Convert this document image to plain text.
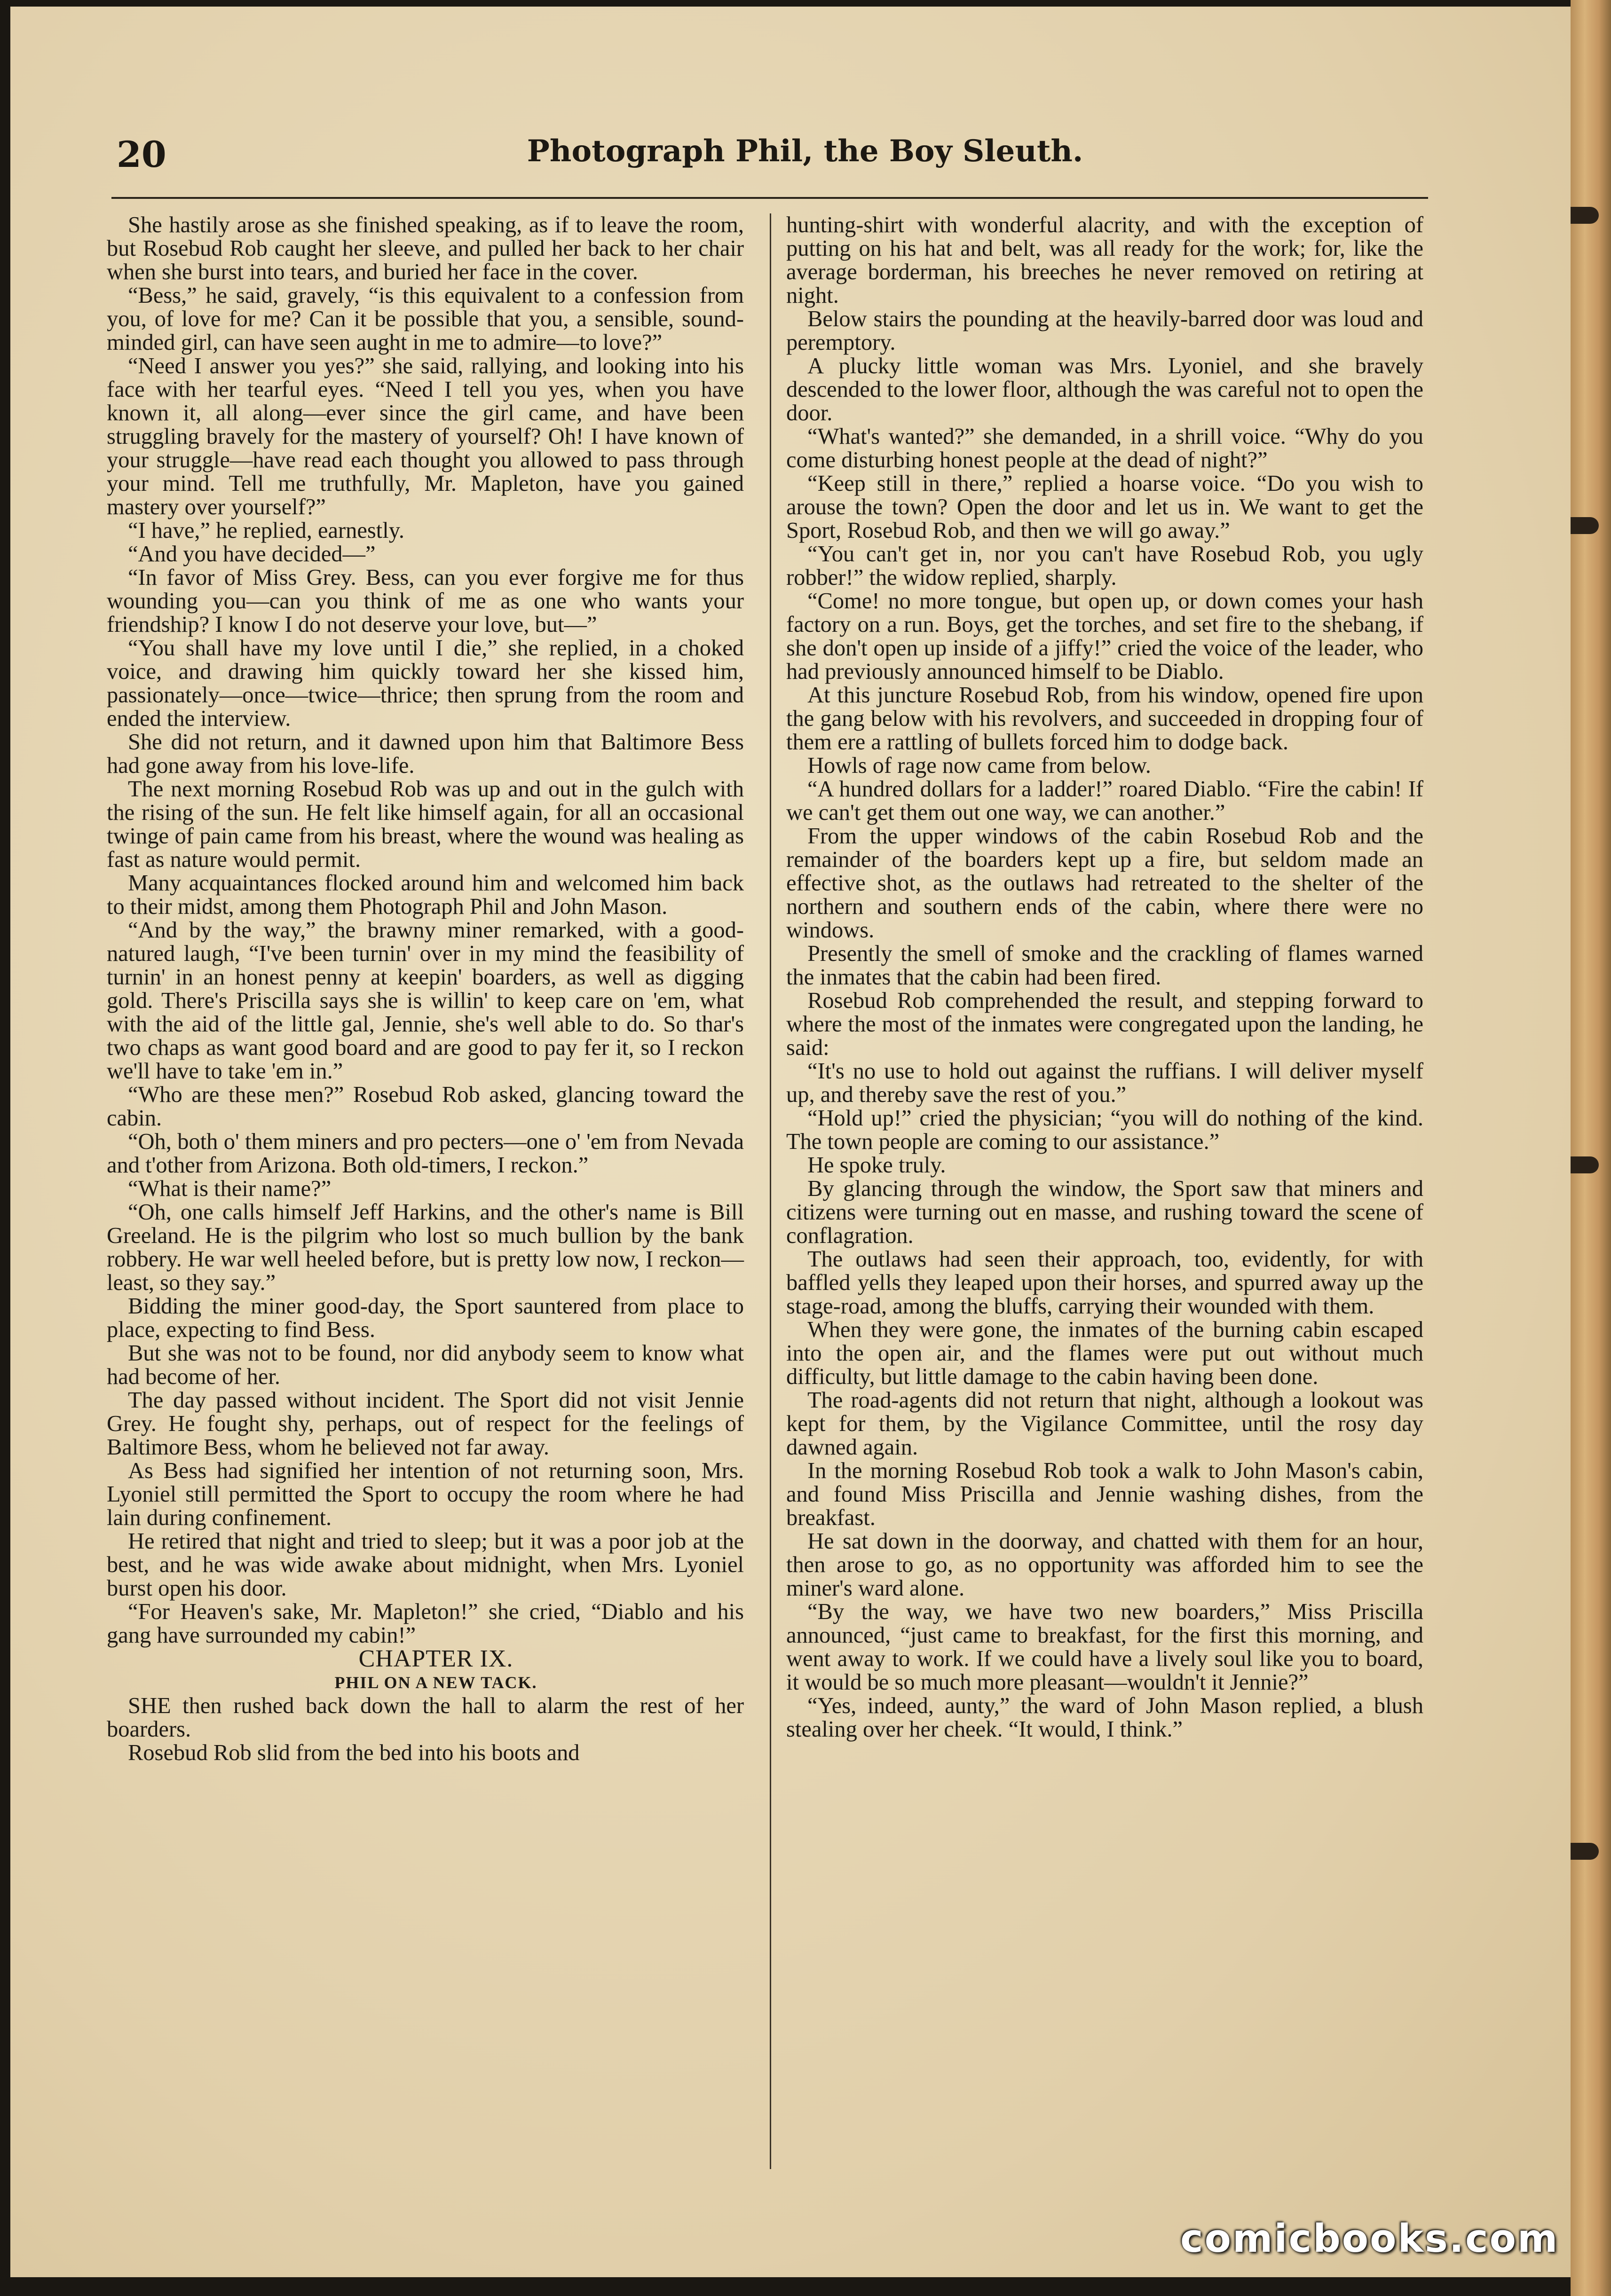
20	Photograph Phil, the Boy Sleuth.

She hastily arose as she finished speaking, as if to leave the room, but Rosebud Rob caught her sleeve, and pulled her back to her chair when she burst into tears, and buried her face in the cover.

“Bess,” he said, gravely, “is this equivalent to a confession from you, of love for me? Can it be possible that you, a sensible, sound-minded girl, can have seen aught in me to admire—to love?”

“Need I answer you yes?” she said, rallying, and looking into his face with her tearful eyes. “Need I tell you yes, when you have known it, all along—ever since the girl came, and have been struggling bravely for the mastery of yourself? Oh! I have known of your struggle—have read each thought you allowed to pass through your mind. Tell me truthfully, Mr. Mapleton, have you gained mastery over yourself?”

“I have,” he replied, earnestly.

“And you have decided—”

“In favor of Miss Grey. Bess, can you ever forgive me for thus wounding you—can you think of me as one who wants your friendship? I know I do not deserve your love, but—”

“You shall have my love until I die,” she replied, in a choked voice, and drawing him quickly toward her she kissed him, passionately—once—twice—thrice; then sprung from the room and ended the interview.

She did not return, and it dawned upon him that Baltimore Bess had gone away from his love-life.

The next morning Rosebud Rob was up and out in the gulch with the rising of the sun. He felt like himself again, for all an occasional twinge of pain came from his breast, where the wound was healing as fast as nature would permit.

Many acquaintances flocked around him and welcomed him back to their midst, among them Photograph Phil and John Mason.

“And by the way,” the brawny miner remarked, with a good-natured laugh, “I've been turnin' over in my mind the feasibility of turnin' in an honest penny at keepin' boarders, as well as digging gold. There's Priscilla says she is willin' to keep care on 'em, what with the aid of the little gal, Jennie, she's well able to do. So thar's two chaps as want good board and are good to pay fer it, so I reckon we'll have to take 'em in.”

“Who are these men?” Rosebud Rob asked, glancing toward the cabin.

“Oh, both o' them miners and pro pecters—one o' 'em from Nevada and t'other from Arizona. Both old-timers, I reckon.”

“What is their name?”

“Oh, one calls himself Jeff Harkins, and the other's name is Bill Greeland. He is the pilgrim who lost so much bullion by the bank robbery. He war well heeled before, but is pretty low now, I reckon—least, so they say.”

Bidding the miner good-day, the Sport sauntered from place to place, expecting to find Bess.

But she was not to be found, nor did anybody seem to know what had become of her.

The day passed without incident. The Sport did not visit Jennie Grey. He fought shy, perhaps, out of respect for the feelings of Baltimore Bess, whom he believed not far away.

As Bess had signified her intention of not returning soon, Mrs. Lyoniel still permitted the Sport to occupy the room where he had lain during confinement.

He retired that night and tried to sleep; but it was a poor job at the best, and he was wide awake about midnight, when Mrs. Lyoniel burst open his door.

“For Heaven's sake, Mr. Mapleton!” she cried, “Diablo and his gang have surrounded my cabin!”

CHAPTER IX.

PHIL ON A NEW TACK.

SHE then rushed back down the hall to alarm the rest of her boarders.

Rosebud Rob slid from the bed into his boots and

hunting-shirt with wonderful alacrity, and with the exception of putting on his hat and belt, was all ready for the work; for, like the average borderman, his breeches he never removed on retiring at night.

Below stairs the pounding at the heavily-barred door was loud and peremptory.

A plucky little woman was Mrs. Lyoniel, and she bravely descended to the lower floor, although the was careful not to open the door.

“What's wanted?” she demanded, in a shrill voice. “Why do you come disturbing honest people at the dead of night?”

“Keep still in there,” replied a hoarse voice. “Do you wish to arouse the town? Open the door and let us in. We want to get the Sport, Rosebud Rob, and then we will go away.”

“You can't get in, nor you can't have Rosebud Rob, you ugly robber!” the widow replied, sharply.

“Come! no more tongue, but open up, or down comes your hash factory on a run. Boys, get the torches, and set fire to the shebang, if she don't open up inside of a jiffy!” cried the voice of the leader, who had previously announced himself to be Diablo.

At this juncture Rosebud Rob, from his window, opened fire upon the gang below with his revolvers, and succeeded in dropping four of them ere a rattling of bullets forced him to dodge back.

Howls of rage now came from below.

“A hundred dollars for a ladder!” roared Diablo. “Fire the cabin! If we can't get them out one way, we can another.”

From the upper windows of the cabin Rosebud Rob and the remainder of the boarders kept up a fire, but seldom made an effective shot, as the outlaws had retreated to the shelter of the northern and southern ends of the cabin, where there were no windows.

Presently the smell of smoke and the crackling of flames warned the inmates that the cabin had been fired.

Rosebud Rob comprehended the result, and stepping forward to where the most of the inmates were congregated upon the landing, he said:

“It's no use to hold out against the ruffians. I will deliver myself up, and thereby save the rest of you.”

“Hold up!” cried the physician; “you will do nothing of the kind. The town people are coming to our assistance.”

He spoke truly.

By glancing through the window, the Sport saw that miners and citizens were turning out en masse, and rushing toward the scene of conflagration.

The outlaws had seen their approach, too, evidently, for with baffled yells they leaped upon their horses, and spurred away up the stage-road, among the bluffs, carrying their wounded with them.

When they were gone, the inmates of the burning cabin escaped into the open air, and the flames were put out without much difficulty, but little damage to the cabin having been done.

The road-agents did not return that night, although a lookout was kept for them, by the Vigilance Committee, until the rosy day dawned again.

In the morning Rosebud Rob took a walk to John Mason's cabin, and found Miss Priscilla and Jennie washing dishes, from the breakfast.

He sat down in the doorway, and chatted with them for an hour, then arose to go, as no opportunity was afforded him to see the miner's ward alone.

“By the way, we have two new boarders,” Miss Priscilla announced, “just came to breakfast, for the first this morning, and went away to work. If we could have a lively soul like you to board, it would be so much more pleasant—wouldn't it Jennie?”

“Yes, indeed, aunty,” the ward of John Mason replied, a blush stealing over her cheek. “It would, I think.”

comicbooks.com
